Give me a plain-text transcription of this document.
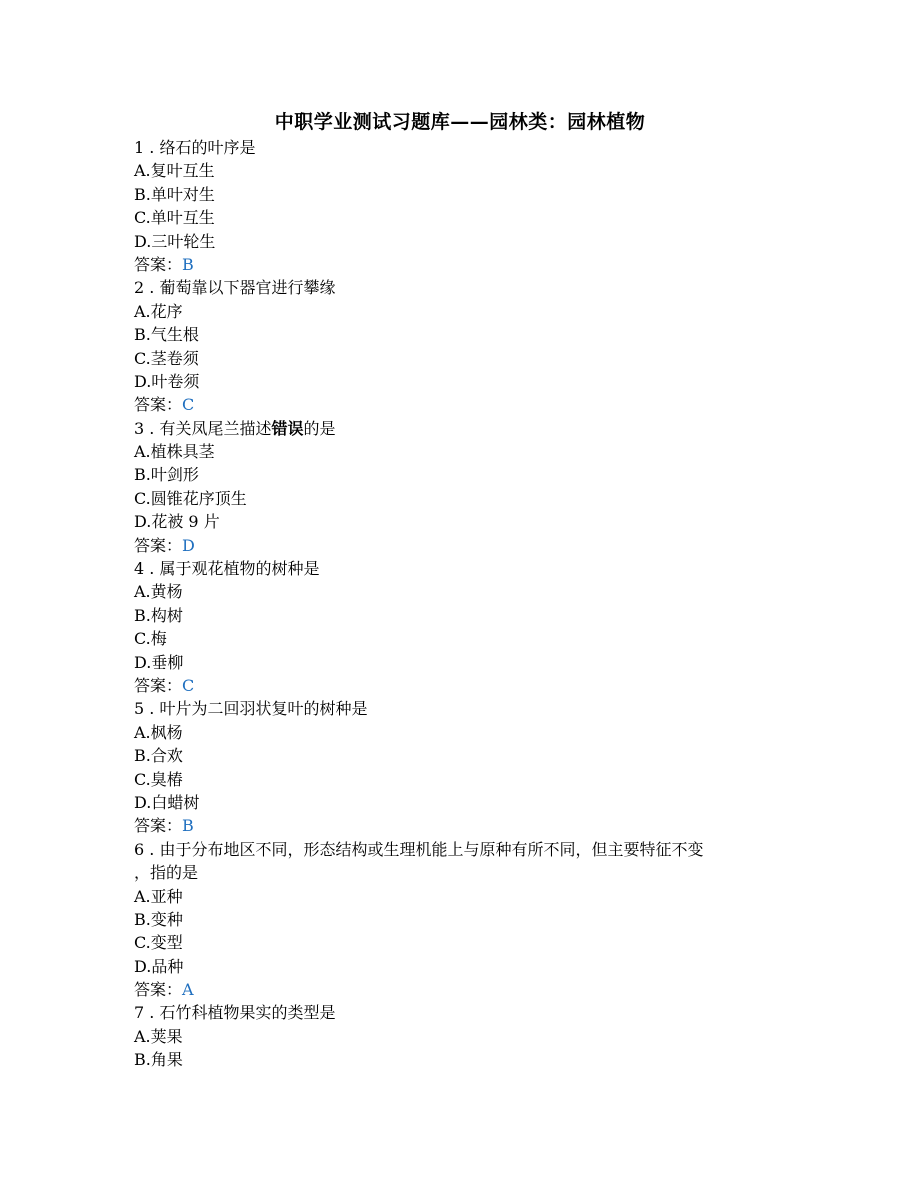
中职学业测试习题库——园林类：园林植物
1 . 络石的叶序是
A.复叶互生
B.单叶对生
C.单叶互生
D.三叶轮生
答案：B
2 . 葡萄靠以下器官进行攀缘
A.花序
B.气生根
C.茎卷须
D.叶卷须
答案：C
3 . 有关凤尾兰描述错误的是
A.植株具茎
B.叶剑形
C.圆锥花序顶生
D.花被 9 片
答案：D
4 . 属于观花植物的树种是
A.黄杨
B.构树
C.梅
D.垂柳
答案：C
5 . 叶片为二回羽状复叶的树种是
A.枫杨
B.合欢
C.臭椿
D.白蜡树
答案：B
6 . 由于分布地区不同，形态结构或生理机能上与原种有所不同，但主要特征不变
，指的是
A.亚种
B.变种
C.变型
D.品种
答案：A
7 . 石竹科植物果实的类型是
A.荚果
B.角果
